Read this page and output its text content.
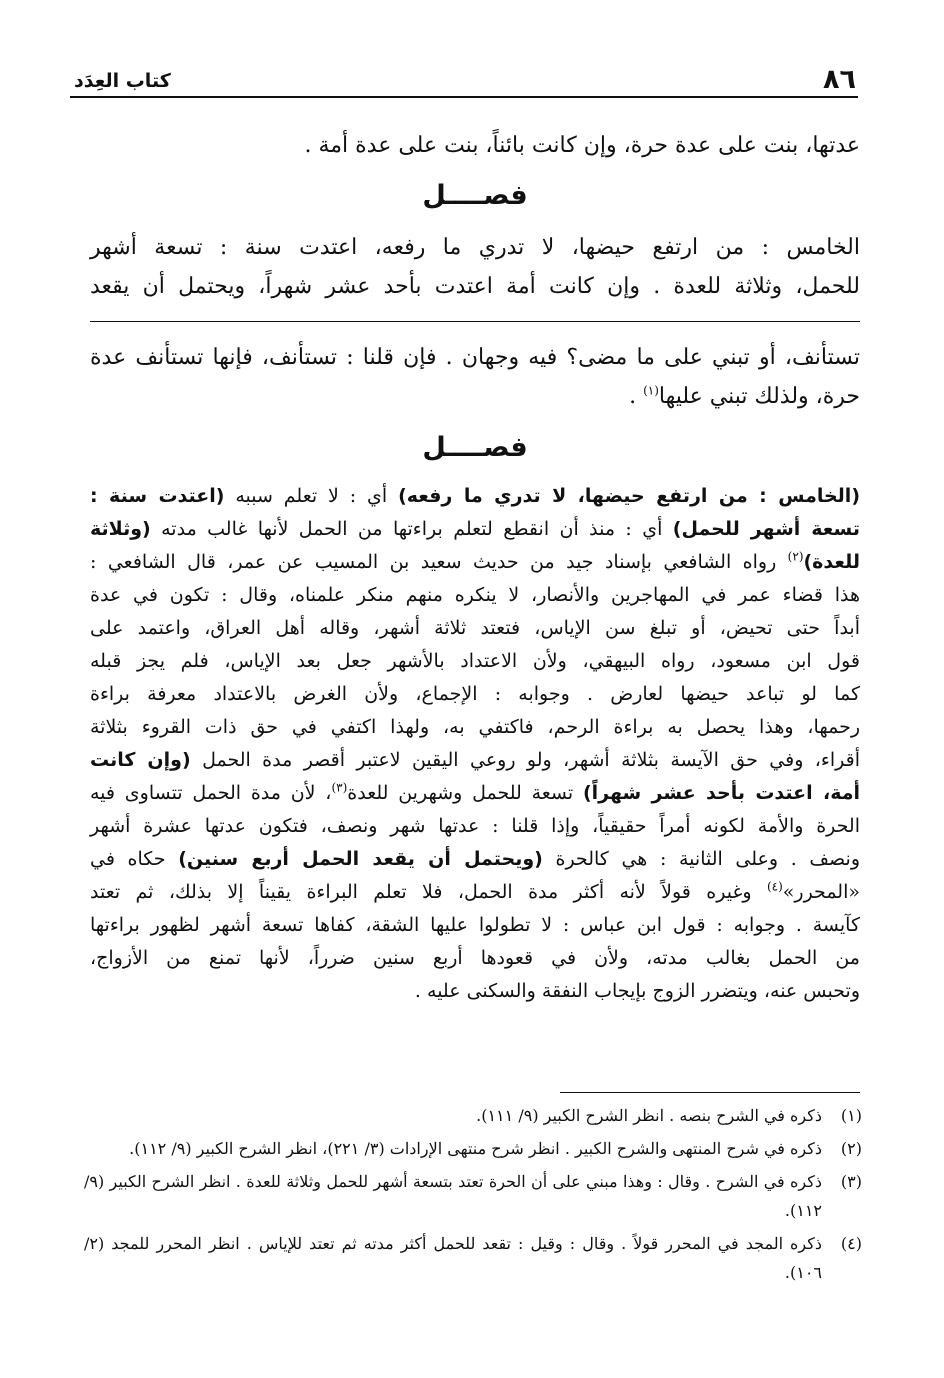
٨٦
كتاب العِدَد
عدتها، بنت على عدة حرة، وإن كانت بائناً، بنت على عدة أمة .
فصــــل
الخامس : من ارتفع حيضها، لا تدري ما رفعه، اعتدت سنة : تسعة أشهر
للحمل، وثلاثة للعدة . وإن كانت أمة اعتدت بأحد عشر شهراً، ويحتمل أن يقعد
تستأنف، أو تبني على ما مضى؟ فيه وجهان . فإن قلنا : تستأنف، فإنها تستأنف عدة
حرة، ولذلك تبني عليها$^{(١)}$ .
فصــــل
(الخامس : من ارتفع حيضها، لا تدري ما رفعه) أي : لا تعلم سببه (اعتدت سنة :
تسعة أشهر للحمل) أي : منذ أن انقطع لتعلم براءتها من الحمل لأنها غالب مدته (وثلاثة
للعدة)$^{(٢)}$ رواه الشافعي بإسناد جيد من حديث سعيد بن المسيب عن عمر، قال الشافعي :
هذا قضاء عمر في المهاجرين والأنصار، لا ينكره منهم منكر علمناه، وقال : تكون في عدة
أبداً حتى تحيض، أو تبلغ سن الإياس، فتعتد ثلاثة أشهر، وقاله أهل العراق، واعتمد على
قول ابن مسعود، رواه البيهقي، ولأن الاعتداد بالأشهر جعل بعد الإياس، فلم يجز قبله
كما لو تباعد حيضها لعارض . وجوابه : الإجماع، ولأن الغرض بالاعتداد معرفة براءة
رحمها، وهذا يحصل به براءة الرحم، فاكتفي به، ولهذا اكتفي في حق ذات القروء بثلاثة
أقراء، وفي حق الآيسة بثلاثة أشهر، ولو روعي اليقين لاعتبر أقصر مدة الحمل (وإن كانت
أمة، اعتدت بأحد عشر شهراً) تسعة للحمل وشهرين للعدة$^{(٣)}$، لأن مدة الحمل تتساوى فيه
الحرة والأمة لكونه أمراً حقيقياً، وإذا قلنا : عدتها شهر ونصف، فتكون عدتها عشرة أشهر
ونصف . وعلى الثانية : هي كالحرة (ويحتمل أن يقعد الحمل أربع سنين) حكاه في
«المحرر»$^{(٤)}$ وغيره قولاً لأنه أكثر مدة الحمل، فلا تعلم البراءة يقيناً إلا بذلك، ثم تعتد
كآيسة . وجوابه : قول ابن عباس : لا تطولوا عليها الشقة، كفاها تسعة أشهر لظهور براءتها
من الحمل بغالب مدته، ولأن في قعودها أربع سنين ضرراً، لأنها تمنع من الأزواج،
وتحبس عنه، ويتضرر الزوج بإيجاب النفقة والسكنى عليه .
(١)
ذكره في الشرح بنصه . انظر الشرح الكبير (٩/ ١١١).
(٢)
ذكره في شرح المنتهى والشرح الكبير . انظر شرح منتهى الإرادات (٣/ ٢٢١)، انظر الشرح الكبير (٩/ ١١٢).
(٣)
ذكره في الشرح . وقال : وهذا مبني على أن الحرة تعتد بتسعة أشهر للحمل وثلاثة للعدة . انظر الشرح الكبير (٩/ ١١٢).
(٤)
ذكره المجد في المحرر قولاً . وقال : وقيل : تقعد للحمل أكثر مدته ثم تعتد للإياس . انظر المحرر للمجد (٢/ ١٠٦).
